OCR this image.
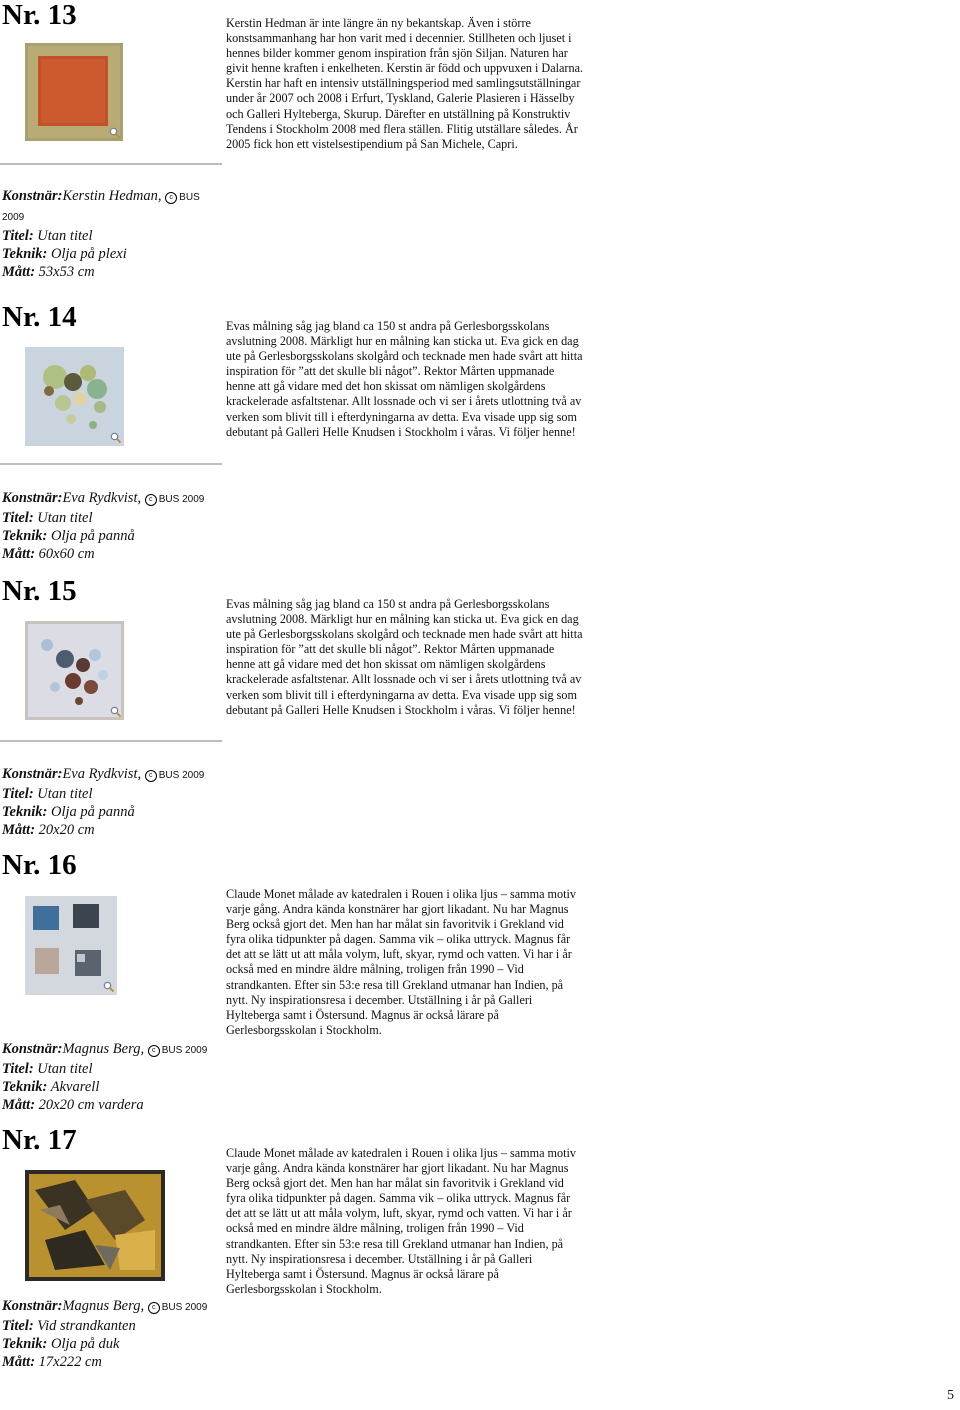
Nr. 13	Kerstin Hedman är inte längre än ny bekantskap. Även i större konstsammanhang har hon varit med i decennier. Stillheten och ljuset i hennes bilder kommer genom inspiration från sjön Siljan. Naturen har givit henne kraften i enkelheten. Kerstin är född och uppvuxen i Dalarna. Kerstin har haft en intensiv utställningsperiod med samlingsutställningar under år 2007 och 2008 i Erfurt, Tyskland, Galerie Plasieren i Hässelby och Galleri Hylteberga, Skurup. Därefter en utställning på Konstruktiv Tendens i Stockholm 2008 med flera ställen. Flitig utställare således. År 2005 fick hon ett vistelsestipendium på San Michele, Capri.
Konstnär:Kerstin Hedman, c BUS
2009
Titel: Utan titel
Teknik: Olja på plexi
Mått: 53x53 cm
Nr. 14	Evas målning såg jag bland ca 150 st andra på Gerlesborgsskolans avslutning 2008. Märkligt hur en målning kan sticka ut. Eva gick en dag ute på Gerlesborgsskolans skolgård och tecknade men hade svårt att hitta inspiration för ”att det skulle bli något”. Rektor Mårten uppmanade henne att gå vidare med det hon skissat om nämligen skolgårdens krackelerade asfaltstenar. Allt lossnade och vi ser i årets utlottning två av verken som blivit till i efterdyningarna av detta. Eva visade upp sig som debutant på Galleri Helle Knudsen i Stockholm i våras. Vi följer henne!
Konstnär:Eva Rydkvist, c BUS 2009
Titel: Utan titel
Teknik: Olja på pannå
Mått: 60x60 cm
Nr. 15	Evas målning såg jag bland ca 150 st andra på Gerlesborgsskolans avslutning 2008. Märkligt hur en målning kan sticka ut. Eva gick en dag ute på Gerlesborgsskolans skolgård och tecknade men hade svårt att hitta inspiration för ”att det skulle bli något”. Rektor Mårten uppmanade henne att gå vidare med det hon skissat om nämligen skolgårdens krackelerade asfaltstenar. Allt lossnade och vi ser i årets utlottning två av verken som blivit till i efterdyningarna av detta. Eva visade upp sig som debutant på Galleri Helle Knudsen i Stockholm i våras. Vi följer henne!
Konstnär:Eva Rydkvist, c BUS 2009
Titel: Utan titel
Teknik: Olja på pannå
Mått: 20x20 cm
Nr. 16
Claude Monet målade av katedralen i Rouen i olika ljus – samma motiv varje gång. Andra kända konstnärer har gjort likadant. Nu har Magnus Berg också gjort det. Men han har målat sin favoritvik i Grekland vid fyra olika tidpunkter på dagen. Samma vik – olika uttryck. Magnus får det att se lätt ut att måla volym, luft, skyar, rymd och vatten. Vi har i år också med en mindre äldre målning, troligen från 1990 – Vid strandkanten. Efter sin 53:e resa till Grekland utmanar han Indien, på nytt. Ny inspirationsresa i december. Utställning i år på Galleri Hylteberga samt i Östersund. Magnus är också lärare på Gerlesborgsskolan i Stockholm.
Konstnär:Magnus Berg, c BUS 2009
Titel: Utan titel
Teknik: Akvarell
Mått: 20x20 cm vardera
Nr. 17	Claude Monet målade av katedralen i Rouen i olika ljus – samma motiv varje gång. Andra kända konstnärer har gjort likadant. Nu har Magnus Berg också gjort det. Men han har målat sin favoritvik i Grekland vid fyra olika tidpunkter på dagen. Samma vik – olika uttryck. Magnus får det att se lätt ut att måla volym, luft, skyar, rymd och vatten. Vi har i år också med en mindre äldre målning, troligen från 1990 – Vid strandkanten. Efter sin 53:e resa till Grekland utmanar han Indien, på nytt. Ny inspirationsresa i december. Utställning i år på Galleri Hylteberga samt i Östersund. Magnus är också lärare på Gerlesborgsskolan i Stockholm.
Konstnär:Magnus Berg, c BUS 2009
Titel: Vid strandkanten
Teknik: Olja på duk
Mått: 17x222 cm
5
